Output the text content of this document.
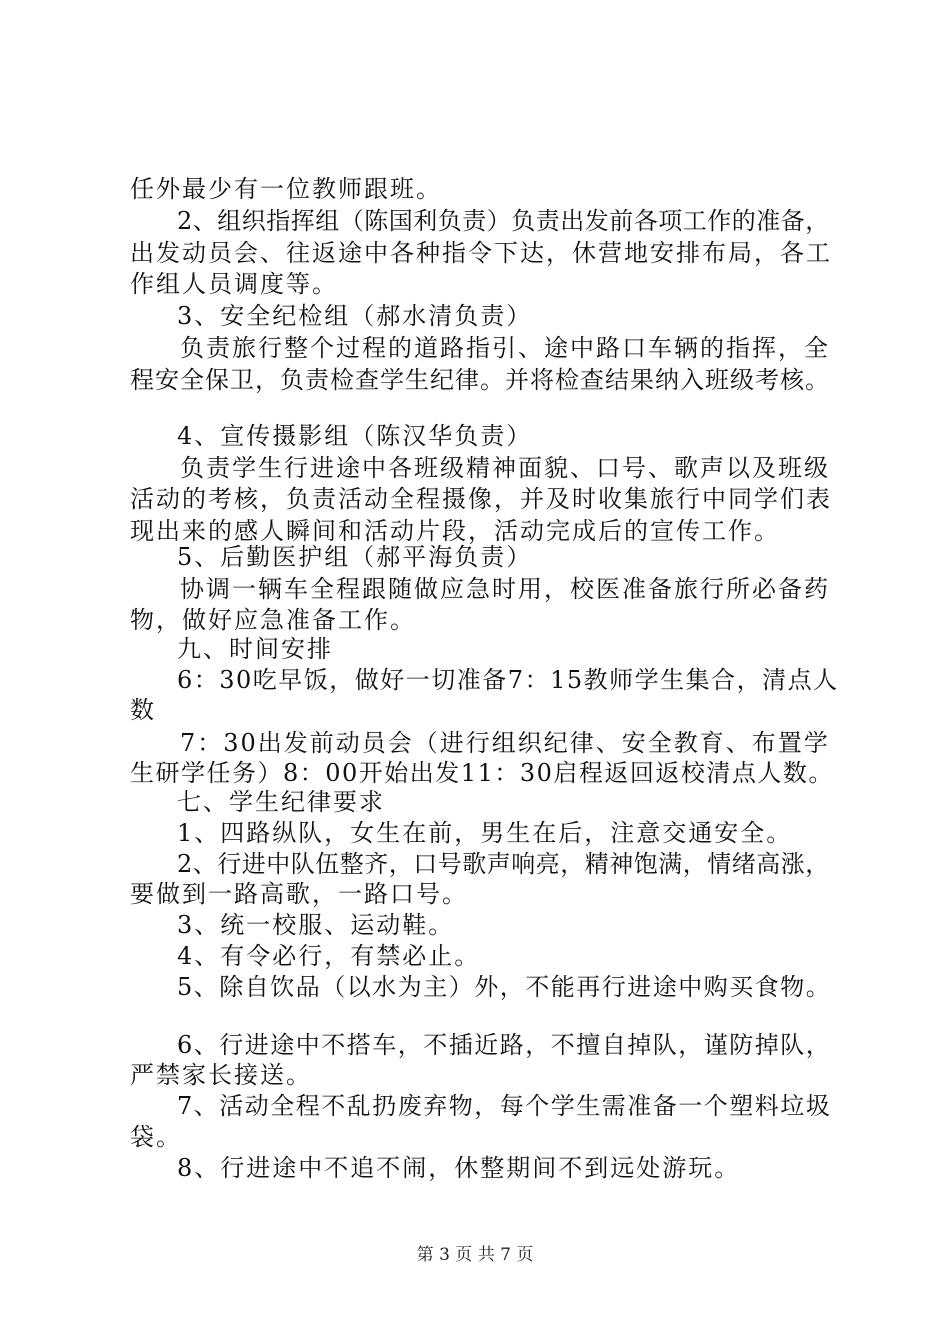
任外最少有一位教师跟班。
2、组织指挥组（陈国利负责）负责出发前各项工作的准备，
出发动员会、往返途中各种指令下达，休营地安排布局，各工
作组人员调度等。
3、安全纪检组（郝水清负责）
负责旅行整个过程的道路指引、途中路口车辆的指挥，全
程安全保卫，负责检查学生纪律。并将检查结果纳入班级考核。
4、宣传摄影组（陈汉华负责）
负责学生行进途中各班级精神面貌、口号、歌声以及班级
活动的考核，负责活动全程摄像，并及时收集旅行中同学们表
现出来的感人瞬间和活动片段，活动完成后的宣传工作。
5、后勤医护组（郝平海负责）
协调一辆车全程跟随做应急时用，校医准备旅行所必备药
物，做好应急准备工作。
九、时间安排
6：30吃早饭，做好一切准备7：15教师学生集合，清点人
数
7：30出发前动员会（进行组织纪律、安全教育、布置学
生研学任务）8：00开始出发11：30启程返回返校清点人数。
七、学生纪律要求
1、四路纵队，女生在前，男生在后，注意交通安全。
2、行进中队伍整齐，口号歌声响亮，精神饱满，情绪高涨，
要做到一路高歌，一路口号。
3、统一校服、运动鞋。
4、有令必行，有禁必止。
5、除自饮品（以水为主）外，不能再行进途中购买食物。
6、行进途中不搭车，不插近路，不擅自掉队，谨防掉队，
严禁家长接送。
7、活动全程不乱扔废弃物，每个学生需准备一个塑料垃圾
袋。
8、行进途中不追不闹，休整期间不到远处游玩。
第 3 页 共 7 页
